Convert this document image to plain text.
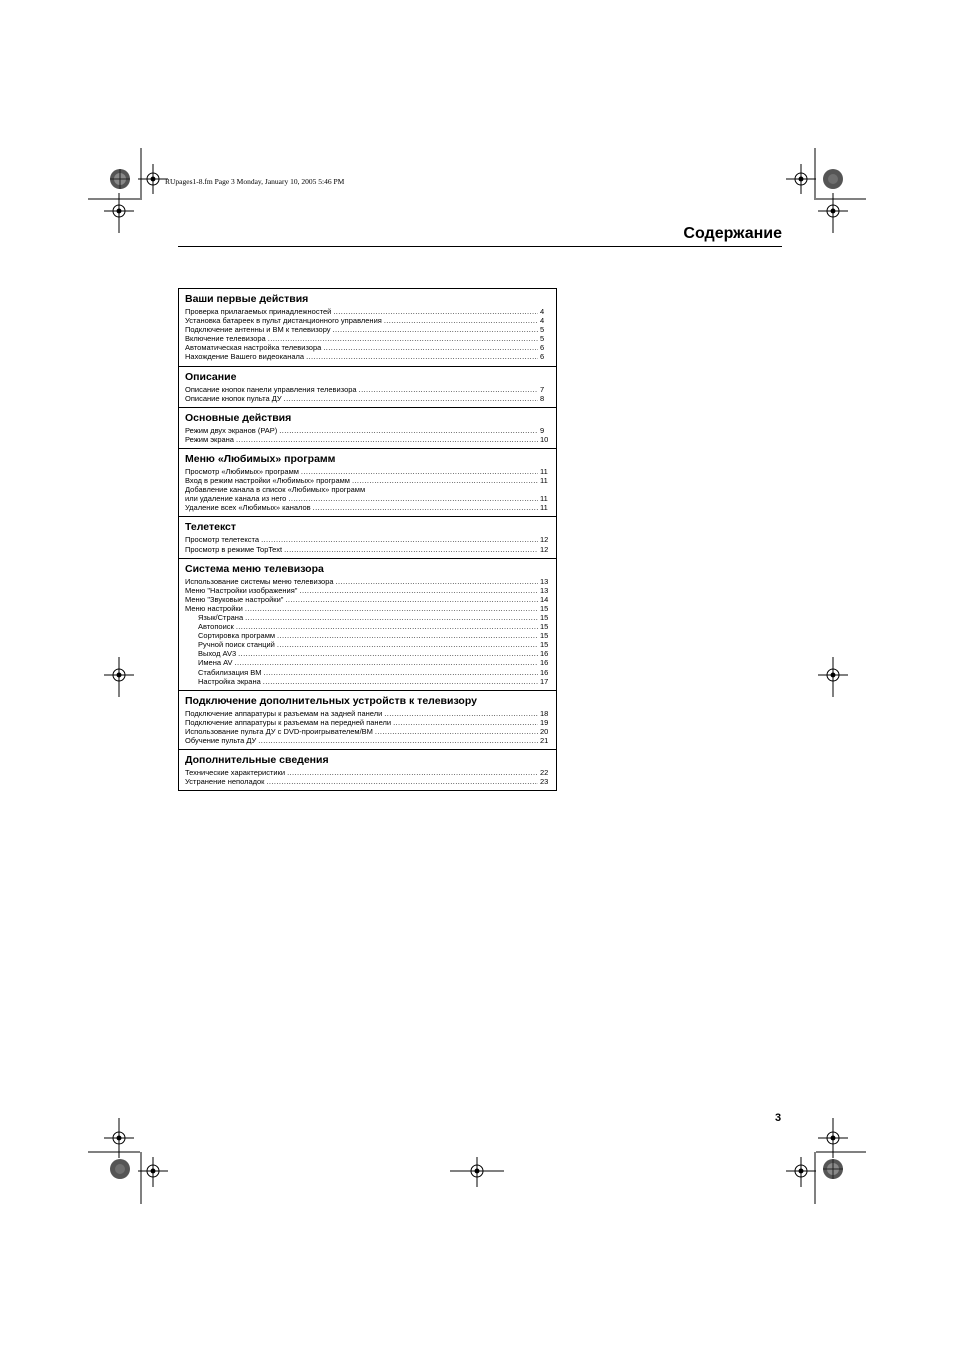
RUpages1-8.fm Page 3 Monday, January 10, 2005 5:46 PM
Содержание
Ваши первые действия
Проверка прилагаемых принадлежностей .....	4
Установка батареек в пульт дистанционного управления .....	4
Подключение антенны и ВМ к телевизору .....	5
Включение телевизора .....	5
Автоматическая настройка телевизора .....	6
Нахождение Вашего видеоканала .....	6
Описание
Описание кнопок панели управления телевизора .....	7
Описание кнопок пульта ДУ .....	8
Основные действия
Режим двух экранов (PAP) .....	9
Режим экрана .....	10
Меню «Любимых» программ
Просмотр «Любимых» программ .....	11
Вход в режим настройки «Любимых» программ .....	11
Добавление канала в список «Любимых» программ
или удаление канала из него .....	11
Удаление всех «Любимых» каналов .....	11
Телетекст
Просмотр телетекста .....	12
Просмотр в режиме TopText .....	12
Система меню телевизора
Использование системы меню телевизора .....	13
Меню "Настройки изображения" .....	13
Меню "Звуковые настройки" .....	14
Меню настройки .....	15
Язык/Страна .....	15
Автопоиск .....	15
Сортировка программ .....	15
Ручной поиск станций .....	15
Выход AV3 .....	16
Имена AV .....	16
Стабилизация ВМ .....	16
Настройка экрана .....	17
Подключение дополнительных устройств к телевизору
Подключение аппаратуры к разъемам на задней панели .....	18
Подключение аппаратуры к разъемам на передней панели .....	19
Использование пульта ДУ с DVD-проигрывателем/ВМ .....	20
Обучение пульта ДУ .....	21
Дополнительные сведения
Технические характеристики .....	22
Устранение неполадок .....	23
3
